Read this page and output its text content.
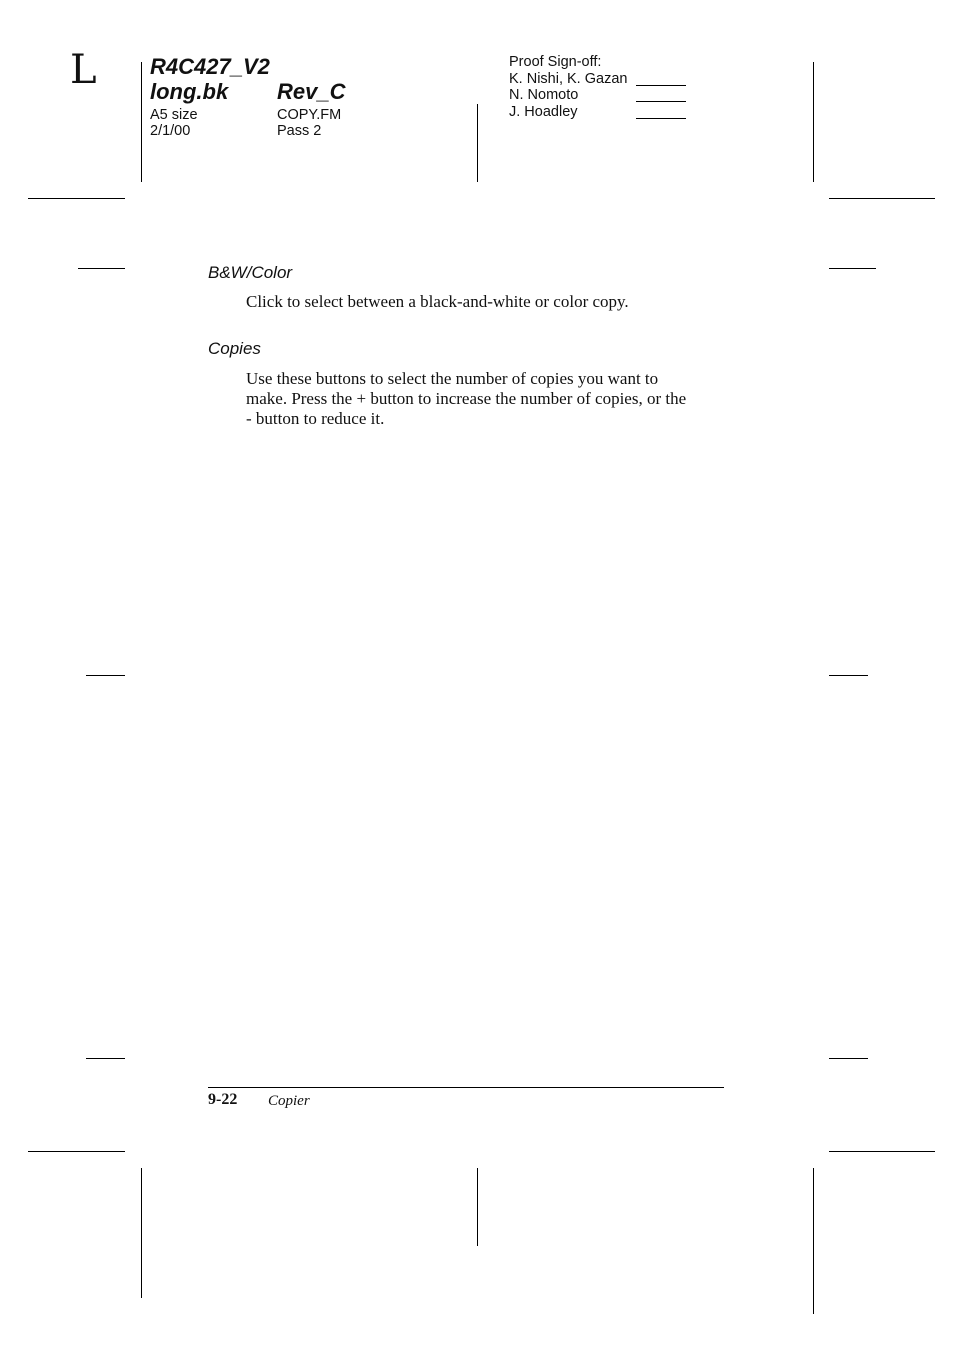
L R4C427_V2
long.bk Rev_C
A5 size
2/1/00
COPY.FM
Pass 2
Proof Sign-off:
K. Nishi, K. Gazan
N. Nomoto
J. Hoadley
B&W/Color
Click to select between a black-and-white or color copy.
Copies
Use these buttons to select the number of copies you want to
make. Press the + button to increase the number of copies, or the
- button to reduce it.
9-22 Copier
